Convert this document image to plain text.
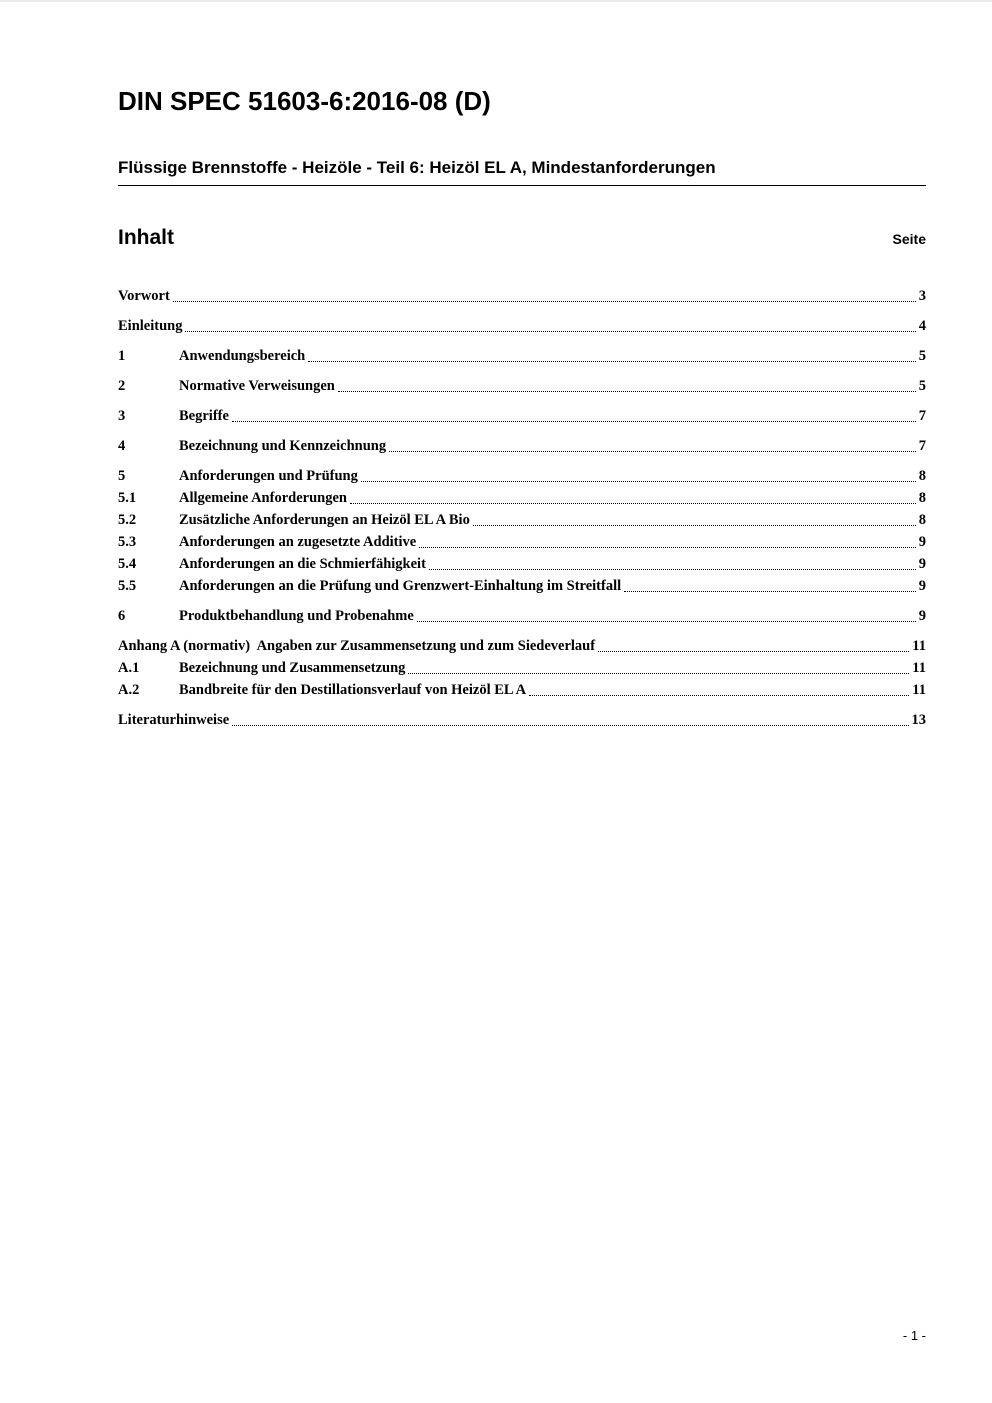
DIN SPEC 51603-6:2016-08 (D)
Flüssige Brennstoffe - Heizöle - Teil 6: Heizöl EL A, Mindestanforderungen
Inhalt	Seite
Vorwort	3
Einleitung	4
1	Anwendungsbereich	5
2	Normative Verweisungen	5
3	Begriffe	7
4	Bezeichnung und Kennzeichnung	7
5	Anforderungen und Prüfung	8
5.1	Allgemeine Anforderungen	8
5.2	Zusätzliche Anforderungen an Heizöl EL A Bio	8
5.3	Anforderungen an zugesetzte Additive	9
5.4	Anforderungen an die Schmierfähigkeit	9
5.5	Anforderungen an die Prüfung und Grenzwert-Einhaltung im Streitfall	9
6	Produktbehandlung und Probenahme	9
Anhang A (normativ)  Angaben zur Zusammensetzung und zum Siedeverlauf	11
A.1	Bezeichnung und Zusammensetzung	11
A.2	Bandbreite für den Destillationsverlauf von Heizöl EL A	11
Literaturhinweise	13
- 1 -
